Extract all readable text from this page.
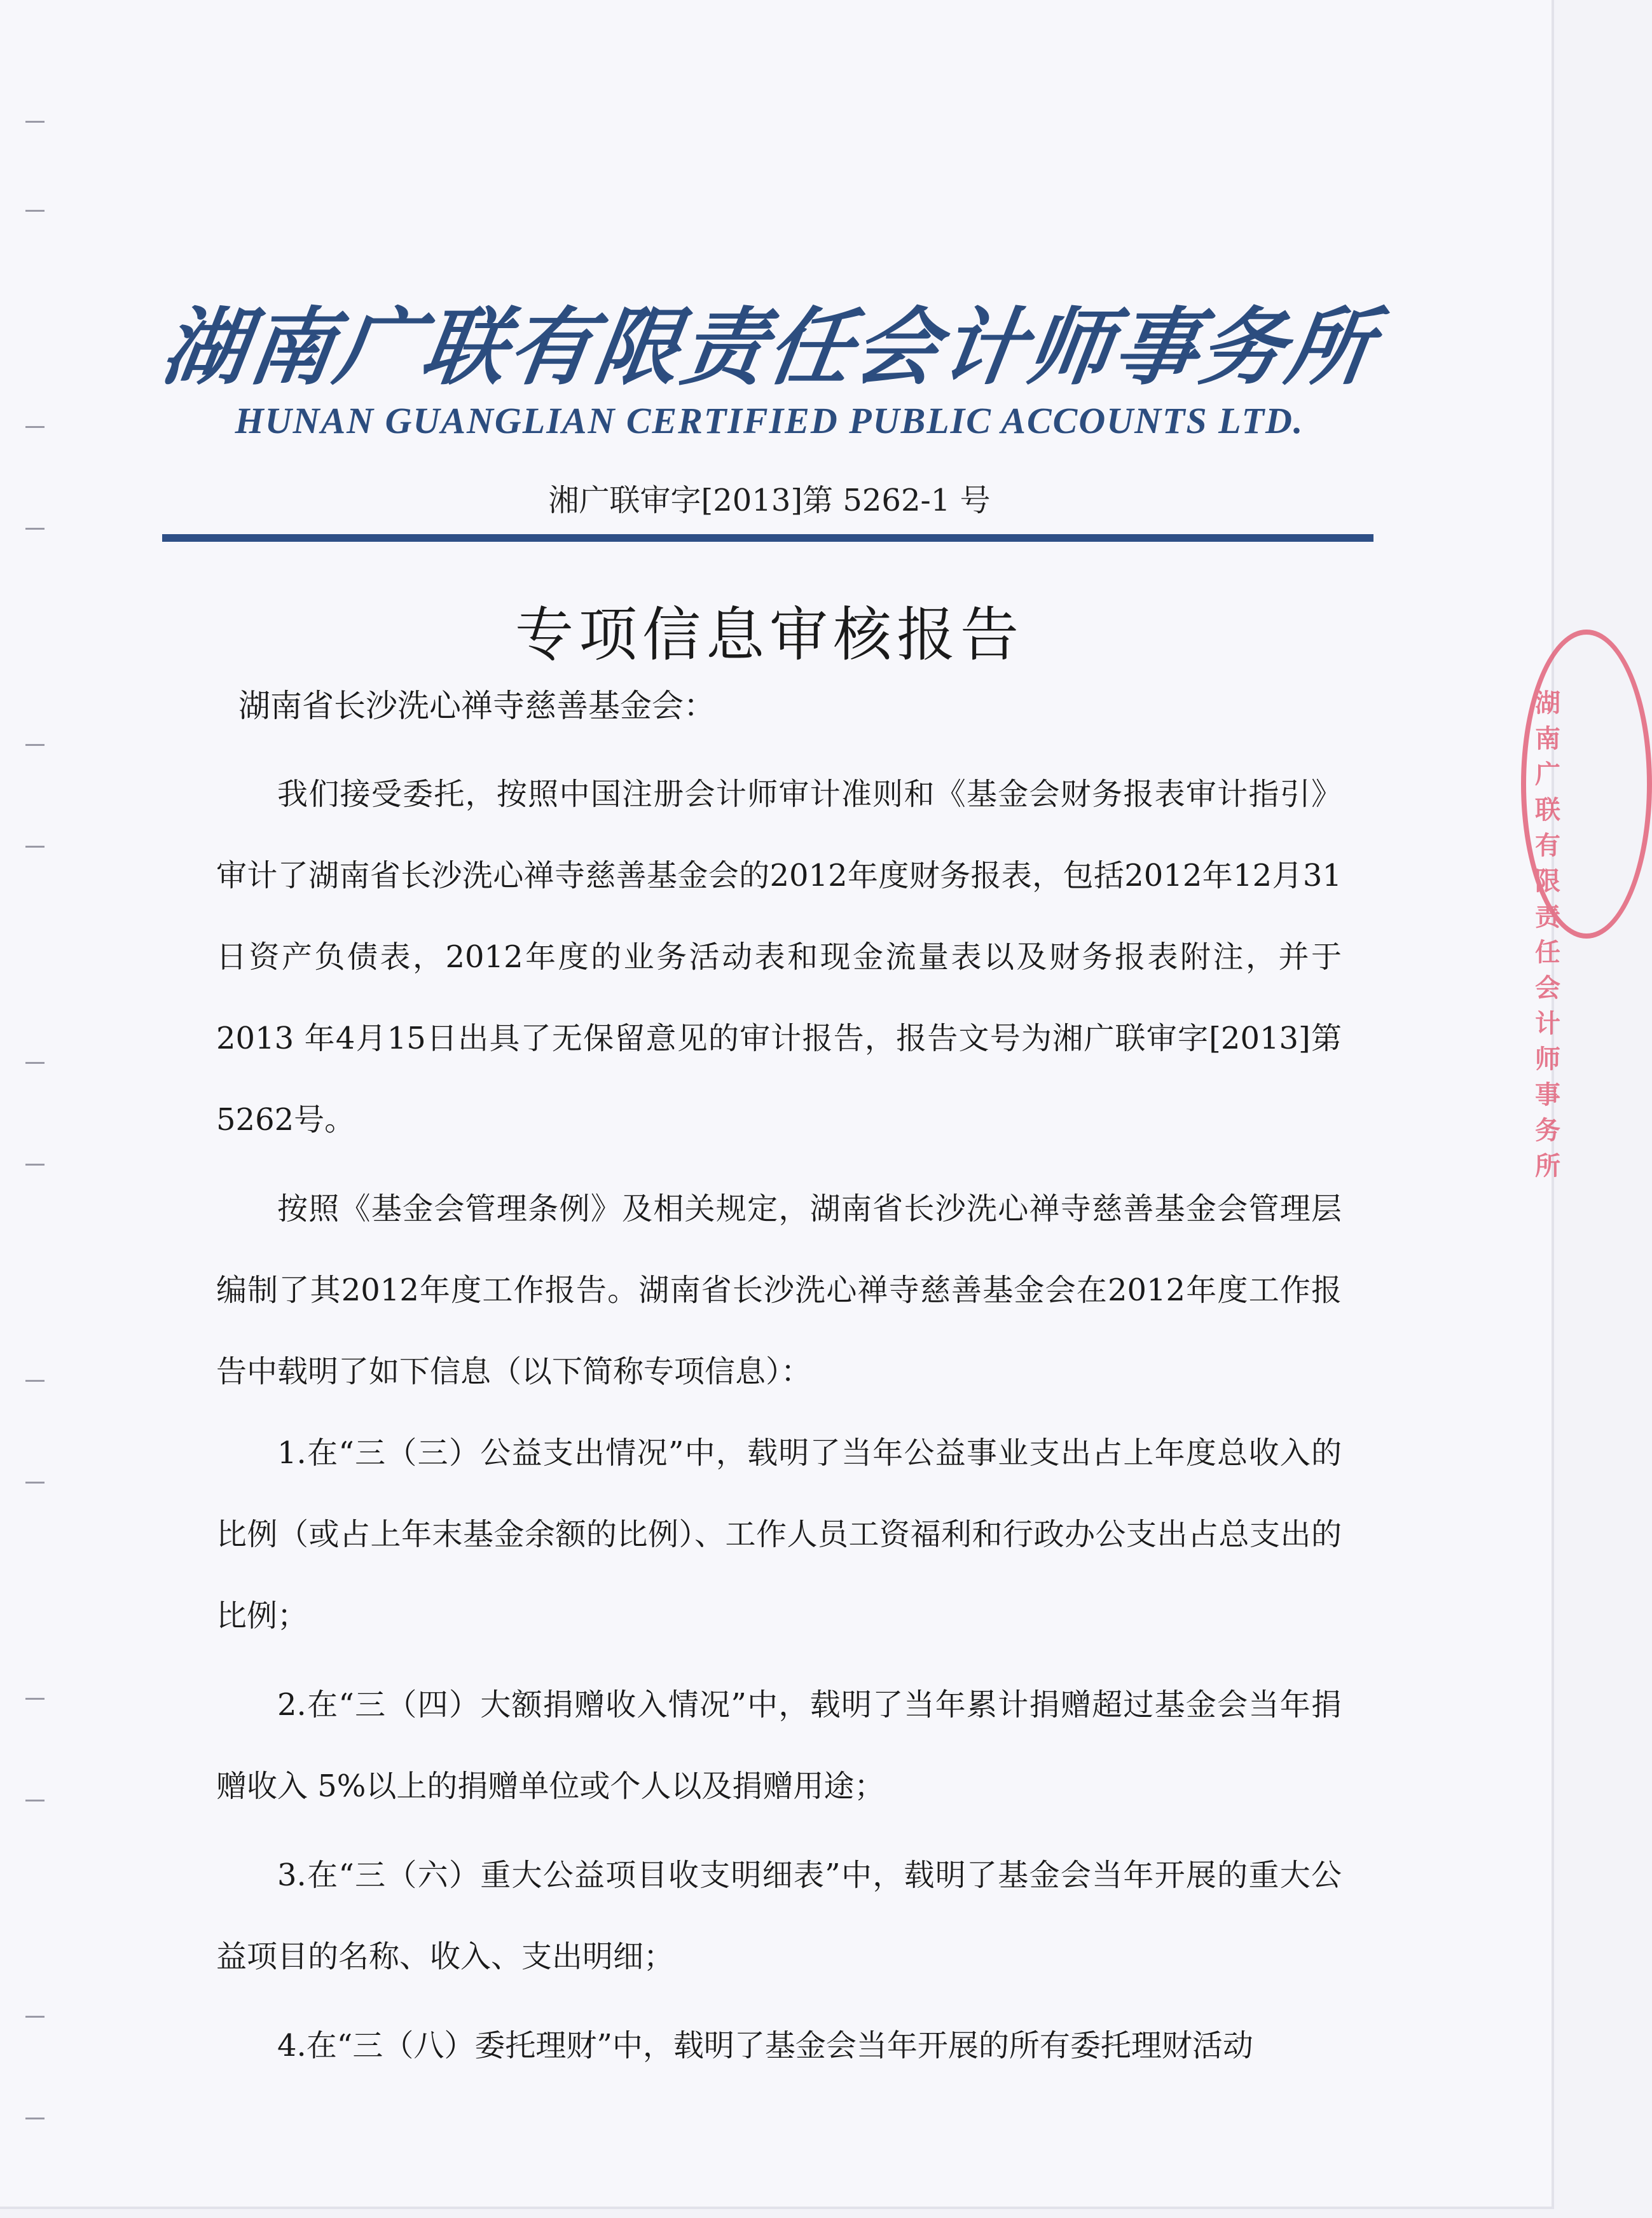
湖南广联有限责任会计师事务所
HUNAN GUANGLIAN CERTIFIED PUBLIC ACCOUNTS LTD.
湘广联审字[2013]第 5262-1 号
专项信息审核报告
湖南省长沙洗心禅寺慈善基金会：

我们接受委托，按照中国注册会计师审计准则和《基金会财务报表审计指引》审计了湖南省长沙洗心禅寺慈善基金会的2012年度财务报表，包括2012年12月31日资产负债表，2012年度的业务活动表和现金流量表以及财务报表附注，并于2013 年4月15日出具了无保留意见的审计报告，报告文号为湘广联审字[2013]第5262号。

按照《基金会管理条例》及相关规定，湖南省长沙洗心禅寺慈善基金会管理层编制了其2012年度工作报告。湖南省长沙洗心禅寺慈善基金会在2012年度工作报告中载明了如下信息（以下简称专项信息）：

1.在“三（三）公益支出情况”中，载明了当年公益事业支出占上年度总收入的比例（或占上年末基金余额的比例）、工作人员工资福利和行政办公支出占总支出的比例；

2.在“三（四）大额捐赠收入情况”中，载明了当年累计捐赠超过基金会当年捐赠收入 5%以上的捐赠单位或个人以及捐赠用途；

3.在“三（六）重大公益项目收支明细表”中，载明了基金会当年开展的重大公益项目的名称、收入、支出明细；

4.在“三（八）委托理财”中，载明了基金会当年开展的所有委托理财活动

湖南广联有限责任会计师事务所
